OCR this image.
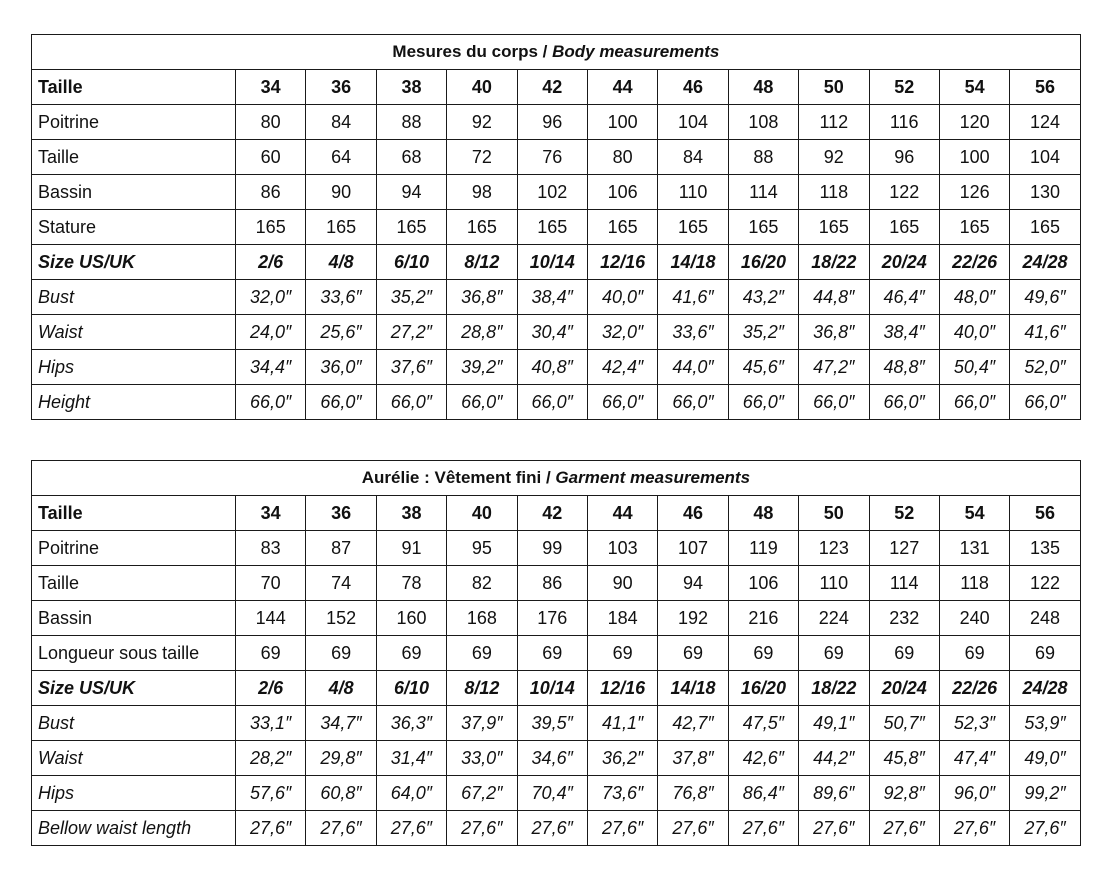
Mesures du corps / Body measurements												
Taille	34	36	38	40	42	44	46	48	50	52	54	56
Poitrine	80	84	88	92	96	100	104	108	112	116	120	124
Taille	60	64	68	72	76	80	84	88	92	96	100	104
Bassin	86	90	94	98	102	106	110	114	118	122	126	130
Stature	165	165	165	165	165	165	165	165	165	165	165	165
Size US/UK	2/6	4/8	6/10	8/12	10/14	12/16	14/18	16/20	18/22	20/24	22/26	24/28
Bust	32,0″	33,6″	35,2″	36,8″	38,4″	40,0″	41,6″	43,2″	44,8″	46,4″	48,0″	49,6″
Waist	24,0″	25,6″	27,2″	28,8″	30,4″	32,0″	33,6″	35,2″	36,8″	38,4″	40,0″	41,6″
Hips	34,4″	36,0″	37,6″	39,2″	40,8″	42,4″	44,0″	45,6″	47,2″	48,8″	50,4″	52,0″
Height	66,0″	66,0″	66,0″	66,0″	66,0″	66,0″	66,0″	66,0″	66,0″	66,0″	66,0″	66,0″
Aurélie : Vêtement fini / Garment measurements												
Taille	34	36	38	40	42	44	46	48	50	52	54	56
Poitrine	83	87	91	95	99	103	107	119	123	127	131	135
Taille	70	74	78	82	86	90	94	106	110	114	118	122
Bassin	144	152	160	168	176	184	192	216	224	232	240	248
Longueur sous taille	69	69	69	69	69	69	69	69	69	69	69	69
Size US/UK	2/6	4/8	6/10	8/12	10/14	12/16	14/18	16/20	18/22	20/24	22/26	24/28
Bust	33,1″	34,7″	36,3″	37,9″	39,5″	41,1″	42,7″	47,5″	49,1″	50,7″	52,3″	53,9″
Waist	28,2″	29,8″	31,4″	33,0″	34,6″	36,2″	37,8″	42,6″	44,2″	45,8″	47,4″	49,0″
Hips	57,6″	60,8″	64,0″	67,2″	70,4″	73,6″	76,8″	86,4″	89,6″	92,8″	96,0″	99,2″
Bellow waist length	27,6″	27,6″	27,6″	27,6″	27,6″	27,6″	27,6″	27,6″	27,6″	27,6″	27,6″	27,6″
